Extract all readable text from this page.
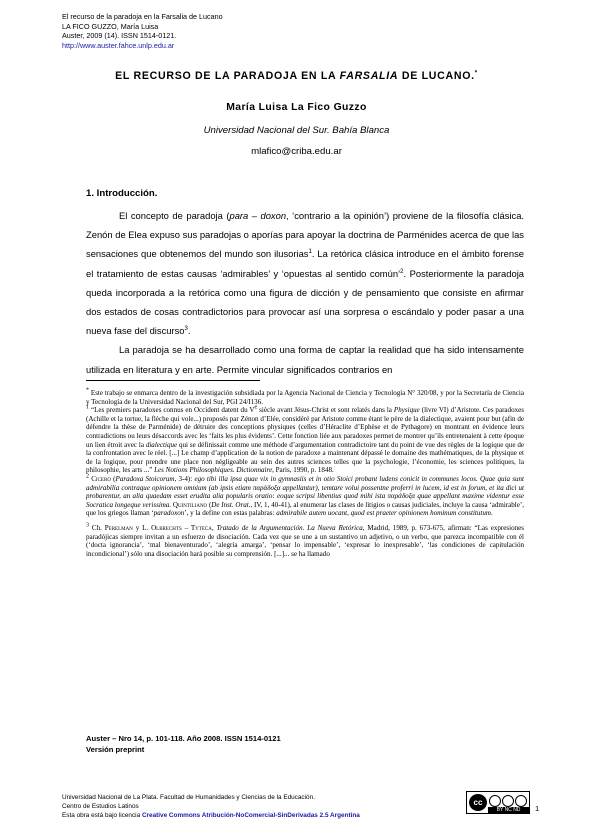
El recurso de la paradoja en la Farsalia de Lucano
LA FICO GUZZO, María Luisa
Auster, 2009 (14). ISSN 1514-0121.
http://www.auster.fahce.unlp.edu.ar
EL RECURSO DE LA PARADOJA EN LA FARSALIA DE LUCANO.*
María Luisa La Fico Guzzo
Universidad Nacional del Sur. Bahía Blanca
mlafico@criba.edu.ar
1. Introducción.

El concepto de paradoja (para – doxon, ‘contrario a la opinión’) proviene de la filosofía clásica. Zenón de Elea expuso sus paradojas o aporías para apoyar la doctrina de Parménides acerca de que las sensaciones que obtenemos del mundo son ilusorias$^1$. La retórica clásica introduce en el ámbito forense el tratamiento de estas causas ‘admirables’ y ‘opuestas al sentido común’$^2$. Posteriormente la paradoja queda incorporada a la retórica como una figura de dicción y de pensamiento que consiste en afirmar dos estados de cosas contradictorios para provocar así una sorpresa o escándalo y poder pasar a una nueva fase del discurso$^3$.

La paradoja se ha desarrollado como una forma de captar la realidad que ha sido intensamente utilizada en literatura y en arte. Permite vincular significados contrarios en

* Este trabajo se enmarca dentro de la investigación subsidiada por la Agencia Nacional de Ciencia y Tecnología N° 320/08, y por la Secretaría de Ciencia y Tecnología de la Universidad Nacional del Sur, PGI 24/I136.

$^1$ “Les premiers paradoxes connus en Occident datent du Ve siècle avant Jésus-Christ et sont relatés dans la Physique (livre VI) d’Aristote. Ces paradoxes (Achille et la tortue, la flèche qui vole...) proposés par Zénon d’Elée, considéré par Aristote comme étant le père de la dialectique, avaient pour but (afin de défendre la thèse de Parménide) de détruire des conceptions physiques (celles d’Héraclite d’Ephèse et de Pythagore) en montrant en évidence leurs contradictions ou leurs désaccords avec les ‘faits les plus évidents’. Cette fonction liée aux paradoxes permet de montrer qu’ils entretenaient à cette époque un lien étroit avec la dialectique qui se définissait comme une méthode d’argumentation contradictoire tant du point de vue des règles de la logique que de la confrontation avec le réel. [...] Le champ d’application de la notion de paradoxe a maintenant dépassé le domaine des mathématiques, de la physique et de la logique, pour prendre une place non négligeable au sein des autres sciences telles que la psychologie, l’économie, les sciences politiques, la philosophie, les arts ...” Les Notions Philosophiques. Dictionnaire, Paris, 1990, p. 1848.

$^2$ Cicero (Paradoxa Stoicorum, 3-4): ego tibi illa ipsa quae vix in gymnasiis et in otio Stoici probant ludens conicit in communes locos. Quae quia sunt admirabilia contraque opinionem omnium (ab ipsis etiam παράδοξα appellantur), temtare volui possentne proferri in lucem, id est in forum, et ita dici ut probarentur, an alia quaedam esset erudita alia popularis oratio: eoque scripsi libentius quod mihi ista παράδοξα quae appellant maxime videntur esse Socratica longeque verissima. Quintiliano (De Inst. Orat., IV, 1, 40-41), al enumerar las clases de litigios o causas judiciales, incluye la causa ‘admirable’, que los griegos llaman ‘paradoxon’, y la define con estas palabras: admirabile autem uocant, quod est praeter opinionem hominum constitutum.

$^3$ Ch. Perelman y L. Olbrechts – Tyteca, Tratado de la Argumentación. La Nueva Retórica, Madrid, 1989, p. 673-675, afirman: “Las expresiones paradójicas siempre invitan a un esfuerzo de disociación. Cada vez que se une a un sustantivo un adjetivo, o un verbo, que parezca incompatible con él (‘docta ignorancia’, ‘mal bienaventurado’, ‘alegría amarga’, ‘pensar lo impensable’, ‘expresar lo inexpresable’, ‘las condiciones de capitulación incondicional’) sólo una disociación hará posible su comprensión. [...]... se ha llamado

Auster – Nro 14, p. 101-118. Año 2008. ISSN 1514-0121
Versión preprint
Universidad Nacional de La Plata. Facultad de Humanidades y Ciencias de la Educación.
Centro de Estudios Latinos
Esta obra está bajo licencia Creative Commons Atribución-NoComercial-SinDerivadas 2.5 Argentina
cc
BY NC ND	1
